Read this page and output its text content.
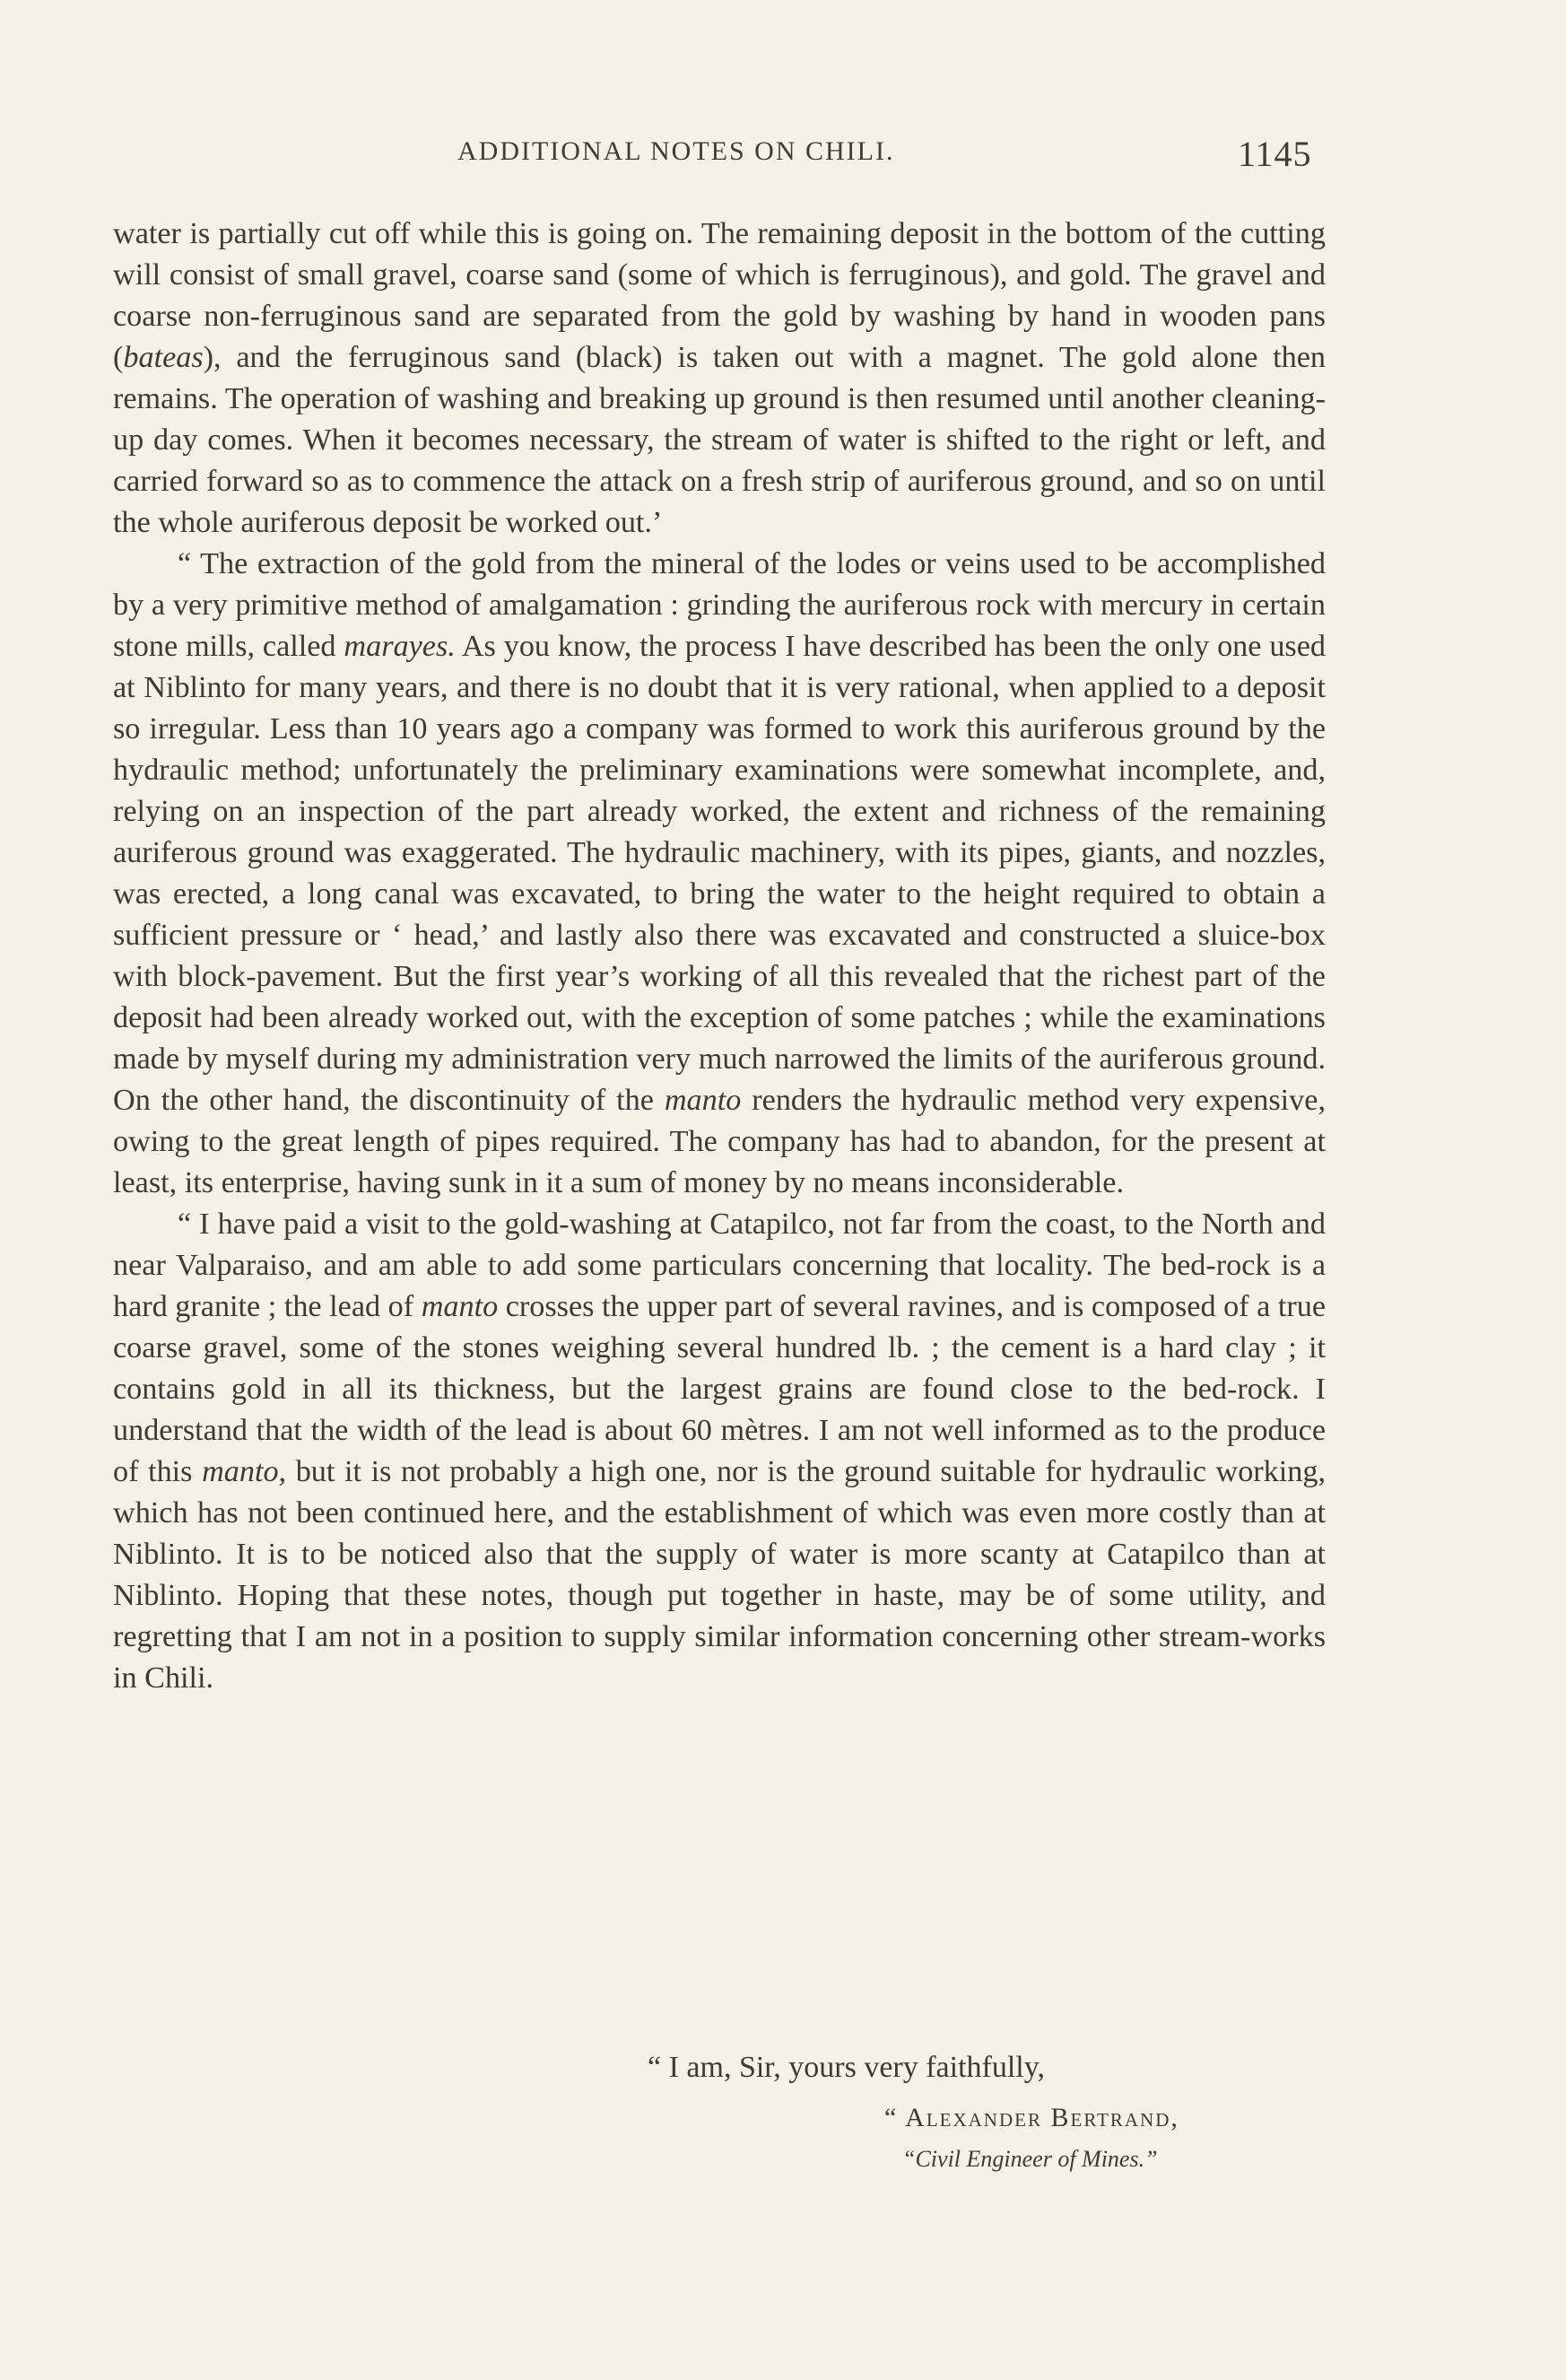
ADDITIONAL NOTES ON CHILI.	1145

water is partially cut off while this is going on. The remaining deposit in the bottom of the cutting will consist of small gravel, coarse sand (some of which is ferruginous), and gold. The gravel and coarse non-ferruginous sand are separated from the gold by washing by hand in wooden pans (bateas), and the ferruginous sand (black) is taken out with a magnet. The gold alone then remains. The operation of washing and breaking up ground is then resumed until another cleaning-up day comes. When it becomes necessary, the stream of water is shifted to the right or left, and carried forward so as to commence the attack on a fresh strip of auriferous ground, and so on until the whole auriferous deposit be worked out.’

“ The extraction of the gold from the mineral of the lodes or veins used to be accomplished by a very primitive method of amalgamation : grinding the auriferous rock with mercury in certain stone mills, called marayes. As you know, the process I have described has been the only one used at Niblinto for many years, and there is no doubt that it is very rational, when applied to a deposit so irregular. Less than 10 years ago a company was formed to work this auriferous ground by the hydraulic method; unfortunately the preliminary examinations were somewhat incomplete, and, relying on an inspection of the part already worked, the extent and richness of the remaining auriferous ground was exaggerated. The hydraulic machinery, with its pipes, giants, and nozzles, was erected, a long canal was excavated, to bring the water to the height required to obtain a sufficient pressure or ‘ head,’ and lastly also there was excavated and constructed a sluice-box with block-pavement. But the first year’s working of all this revealed that the richest part of the deposit had been already worked out, with the exception of some patches ; while the examinations made by myself during my administration very much narrowed the limits of the auriferous ground. On the other hand, the discontinuity of the manto renders the hydraulic method very expensive, owing to the great length of pipes required. The company has had to abandon, for the present at least, its enterprise, having sunk in it a sum of money by no means inconsiderable.

“ I have paid a visit to the gold-washing at Catapilco, not far from the coast, to the North and near Valparaiso, and am able to add some particulars concerning that locality. The bed-rock is a hard granite ; the lead of manto crosses the upper part of several ravines, and is composed of a true coarse gravel, some of the stones weighing several hundred lb. ; the cement is a hard clay ; it contains gold in all its thickness, but the largest grains are found close to the bed-rock. I understand that the width of the lead is about 60 mètres. I am not well informed as to the produce of this manto, but it is not probably a high one, nor is the ground suitable for hydraulic working, which has not been continued here, and the establishment of which was even more costly than at Niblinto. It is to be noticed also that the supply of water is more scanty at Catapilco than at Niblinto. Hoping that these notes, though put together in haste, may be of some utility, and regretting that I am not in a position to supply similar information concerning other stream-works in Chili.

“ I am, Sir, yours very faithfully,
“ Alexander Bertrand,
“Civil Engineer of Mines.”
